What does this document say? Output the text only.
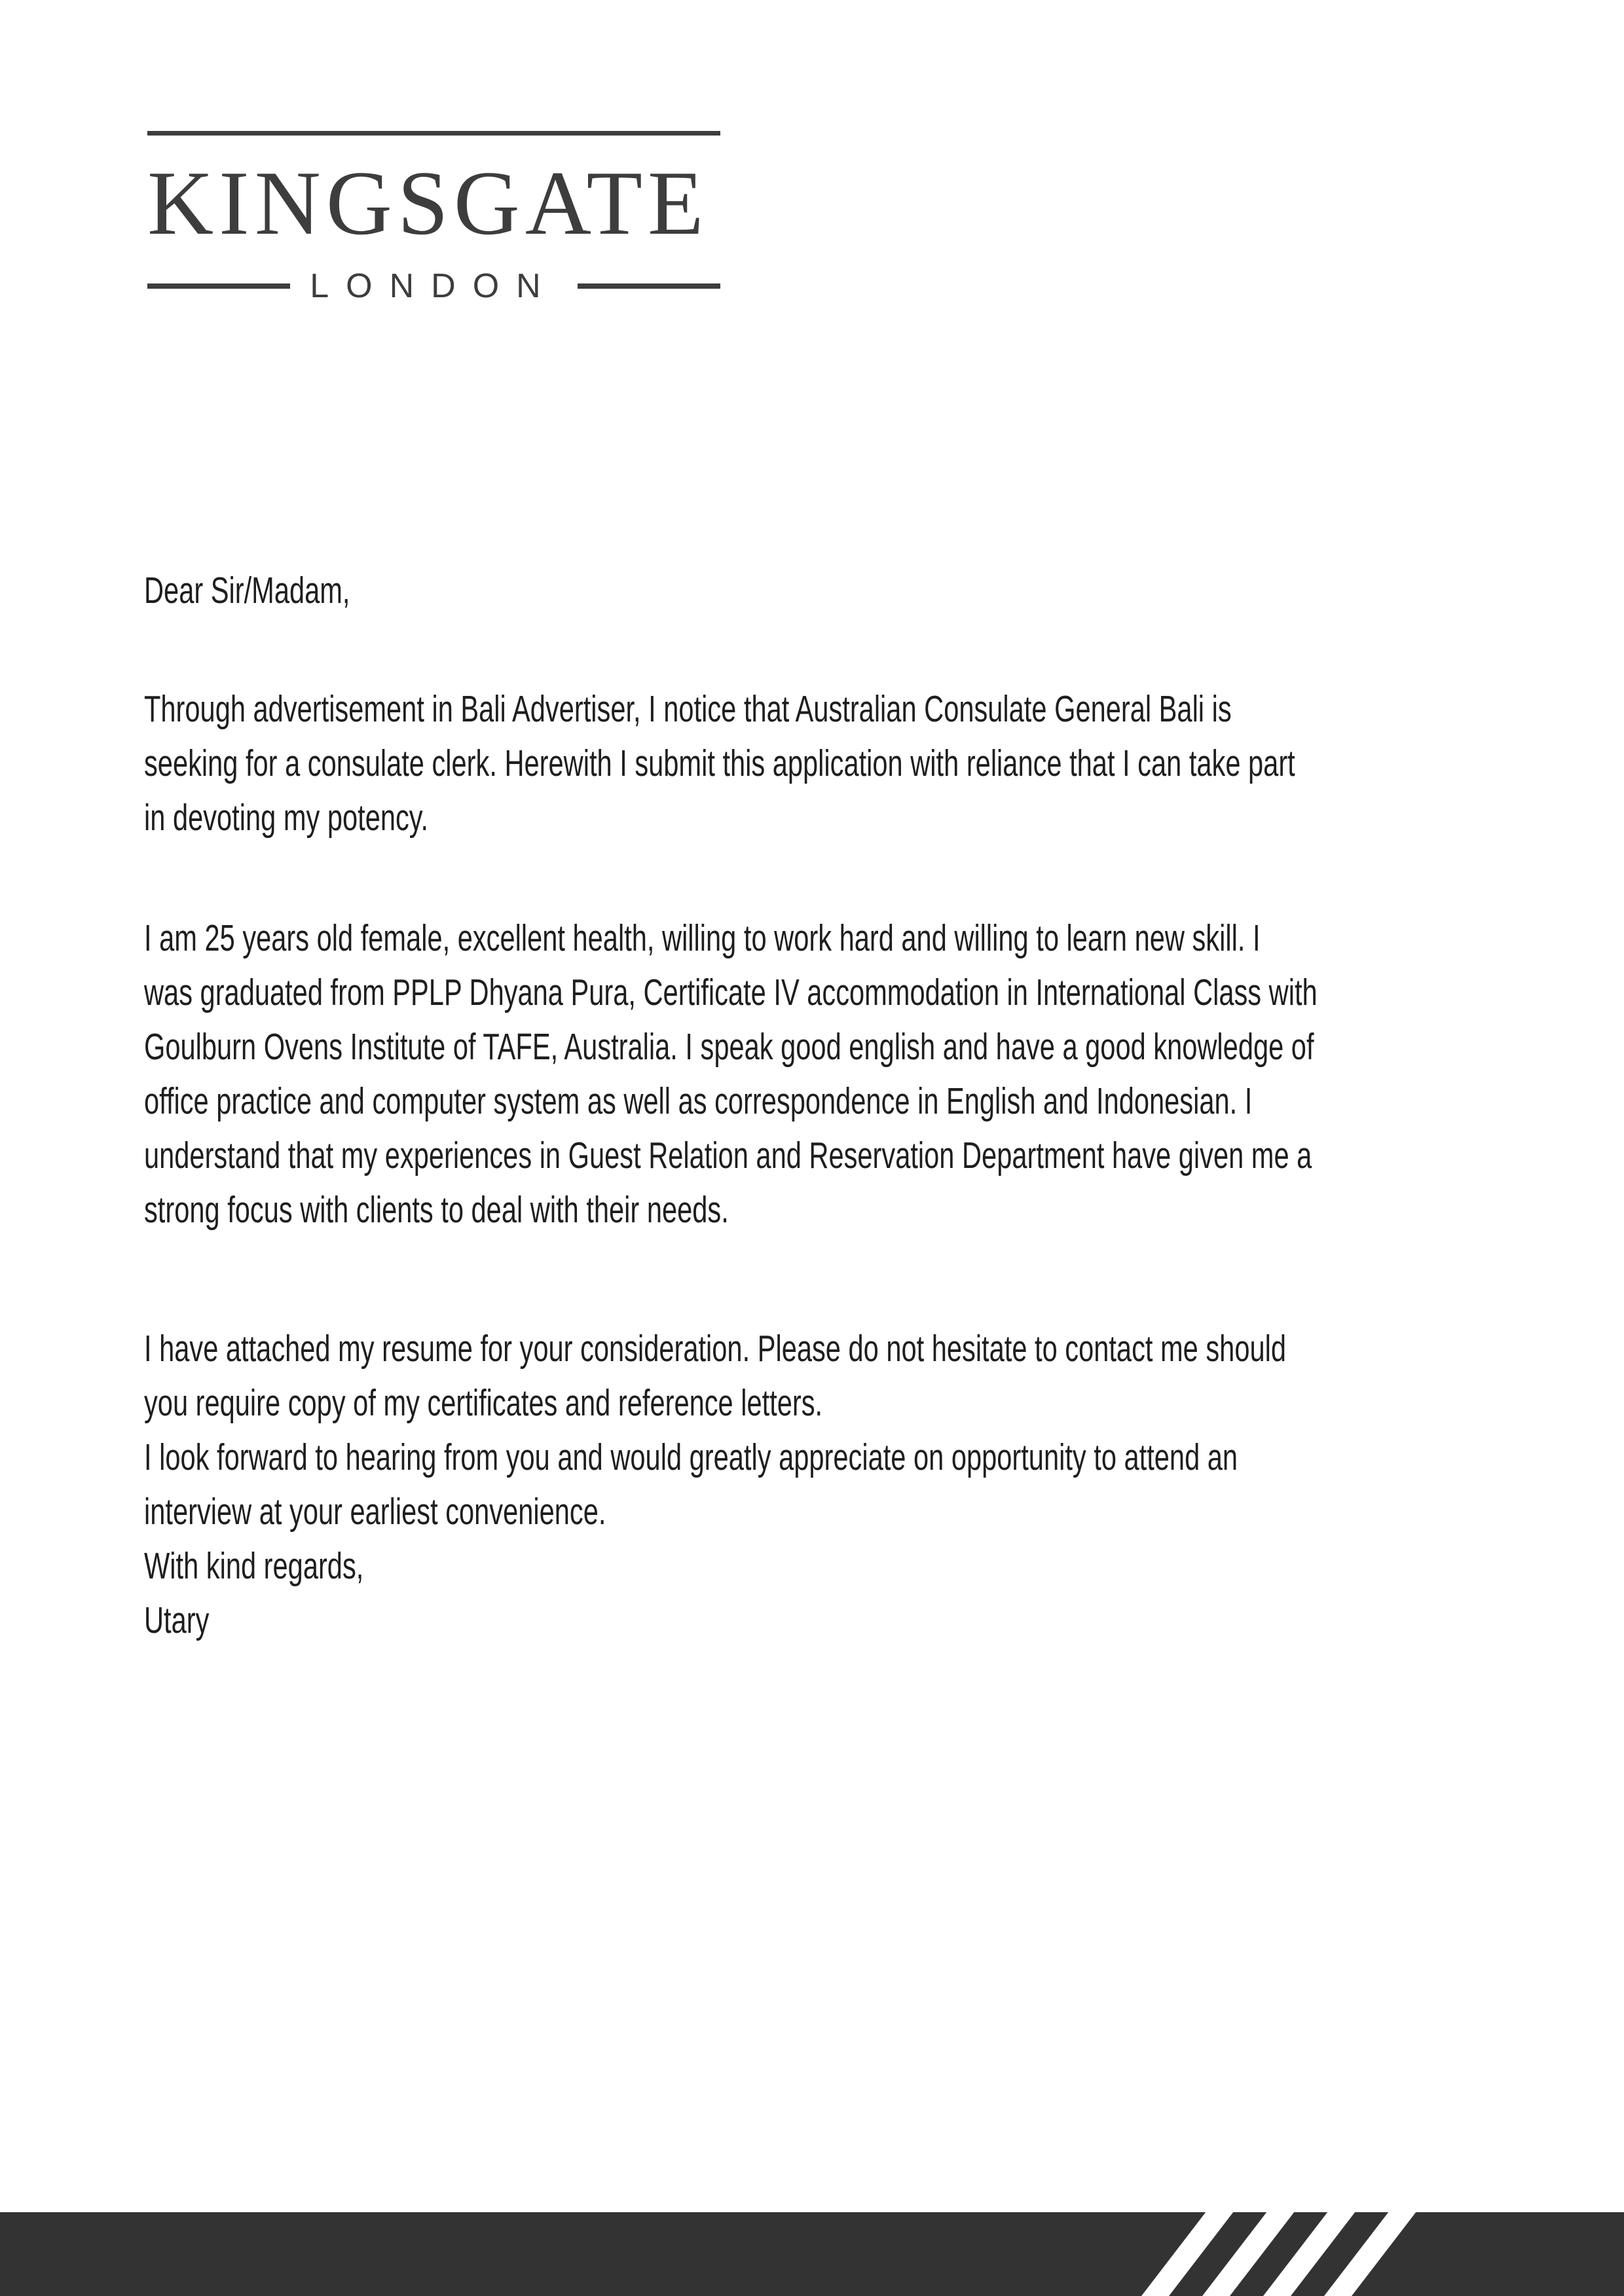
KINGSGATE
LONDON

Dear Sir/Madam,

Through advertisement in Bali Advertiser, I notice that Australian Consulate General Bali is
seeking for a consulate clerk. Herewith I submit this application with reliance that I can take part
in devoting my potency.
I am 25 years old female, excellent health, willing to work hard and willing to learn new skill. I
was graduated from PPLP Dhyana Pura, Certificate IV accommodation in International Class with
Goulburn Ovens Institute of TAFE, Australia. I speak good english and have a good knowledge of
office practice and computer system as well as correspondence in English and Indonesian. I
understand that my experiences in Guest Relation and Reservation Department have given me a
strong focus with clients to deal with their needs.
I have attached my resume for your consideration. Please do not hesitate to contact me should
you require copy of my certificates and reference letters.
I look forward to hearing from you and would greatly appreciate on opportunity to attend an
interview at your earliest convenience.

With kind regards,

Utary
